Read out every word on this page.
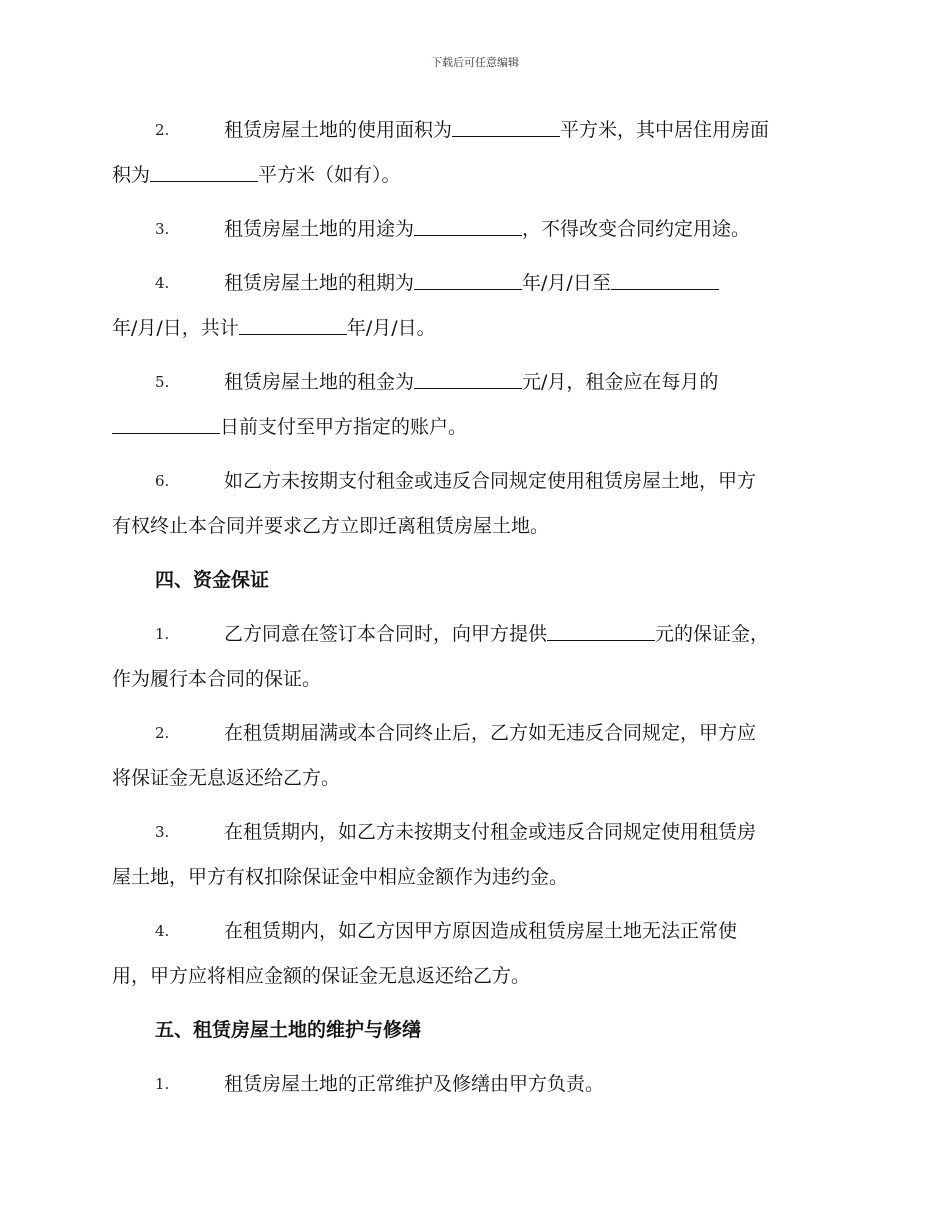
下载后可任意编辑
2.	租赁房屋土地的使用面积为	平方米，其中居住用房面
积为	平方米（如有）。
3.	租赁房屋土地的用途为	，不得改变合同约定用途。
4.	租赁房屋土地的租期为	年/月/日至
年/月/日，共计	年/月/日。
5.	租赁房屋土地的租金为	元/月，租金应在每月的
日前支付至甲方指定的账户。
6.	如乙方未按期支付租金或违反合同规定使用租赁房屋土地，甲方
有权终止本合同并要求乙方立即迁离租赁房屋土地。
四、资金保证
1.	乙方同意在签订本合同时，向甲方提供	元的保证金，
作为履行本合同的保证。
2.	在租赁期届满或本合同终止后，乙方如无违反合同规定，甲方应
将保证金无息返还给乙方。
3.	在租赁期内，如乙方未按期支付租金或违反合同规定使用租赁房
屋土地，甲方有权扣除保证金中相应金额作为违约金。
4.	在租赁期内，如乙方因甲方原因造成租赁房屋土地无法正常使
用，甲方应将相应金额的保证金无息返还给乙方。
五、租赁房屋土地的维护与修缮
1.	租赁房屋土地的正常维护及修缮由甲方负责。
